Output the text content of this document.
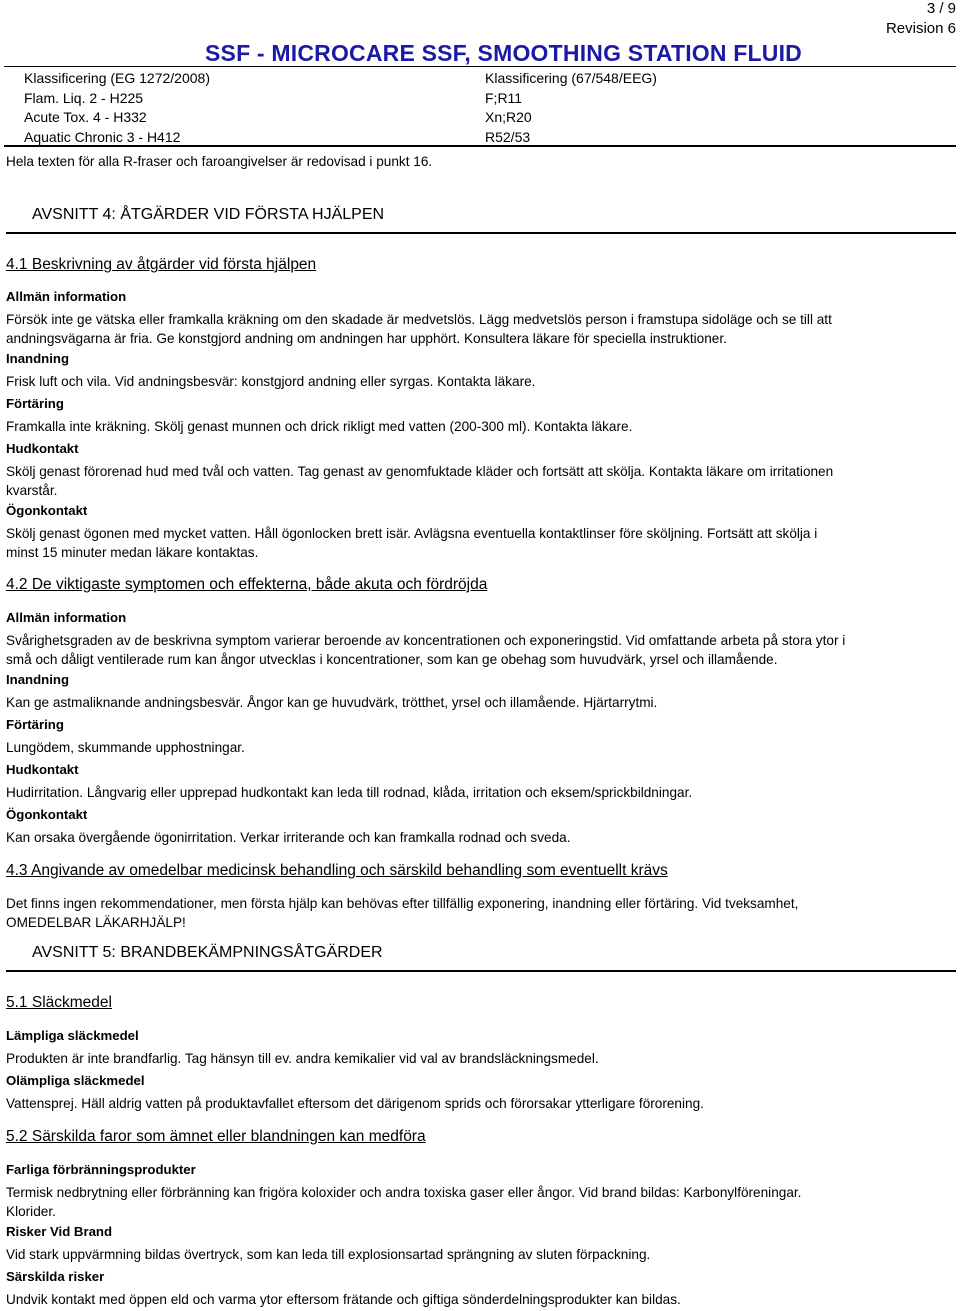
3 / 9
Revision 6
SSF - MICROCARE SSF, SMOOTHING STATION FLUID
Klassificering (EG 1272/2008)
Flam. Liq. 2 - H225
Acute Tox. 4 - H332
Aquatic Chronic 3 - H412
Klassificering (67/548/EEG)
F;R11
Xn;R20
R52/53
Hela texten för alla R-fraser och faroangivelser är redovisad i punkt 16.
AVSNITT 4: ÅTGÄRDER VID FÖRSTA HJÄLPEN
4.1 Beskrivning av åtgärder vid första hjälpen
Allmän information
Försök inte ge vätska eller framkalla kräkning om den skadade är medvetslös. Lägg medvetslös person i framstupa sidoläge och se till att
andningsvägarna är fria. Ge konstgjord andning om andningen har upphört. Konsultera läkare för speciella instruktioner.
Inandning
Frisk luft och vila. Vid andningsbesvär: konstgjord andning eller syrgas. Kontakta läkare.
Förtäring
Framkalla inte kräkning. Skölj genast munnen och drick rikligt med vatten (200-300 ml). Kontakta läkare.
Hudkontakt
Skölj genast förorenad hud med tvål och vatten. Tag genast av genomfuktade kläder och fortsätt att skölja. Kontakta läkare om irritationen
kvarstår.
Ögonkontakt
Skölj genast ögonen med mycket vatten. Håll ögonlocken brett isär. Avlägsna eventuella kontaktlinser före sköljning. Fortsätt att skölja i
minst 15 minuter medan läkare kontaktas.
4.2 De viktigaste symptomen och effekterna, både akuta och fördröjda
Allmän information
Svårighetsgraden av de beskrivna symptom varierar beroende av koncentrationen och exponeringstid. Vid omfattande arbeta på stora ytor i
små och dåligt ventilerade rum kan ångor utvecklas i koncentrationer, som kan ge obehag som huvudvärk, yrsel och illamående.
Inandning
Kan ge astmaliknande andningsbesvär. Ångor kan ge huvudvärk, trötthet, yrsel och illamående. Hjärtarrytmi.
Förtäring
Lungödem, skummande upphostningar.
Hudkontakt
Hudirritation. Långvarig eller upprepad hudkontakt kan leda till rodnad, klåda, irritation och eksem/sprickbildningar.
Ögonkontakt
Kan orsaka övergående ögonirritation. Verkar irriterande och kan framkalla rodnad och sveda.
4.3 Angivande av omedelbar medicinsk behandling och särskild behandling som eventuellt krävs
Det finns ingen rekommendationer, men första hjälp kan behövas efter tillfällig exponering, inandning eller förtäring. Vid tveksamhet,
OMEDELBAR LÄKARHJÄLP!
AVSNITT 5: BRANDBEKÄMPNINGSÅTGÄRDER
5.1 Släckmedel
Lämpliga släckmedel
Produkten är inte brandfarlig. Tag hänsyn till ev. andra kemikalier vid val av brandsläckningsmedel.
Olämpliga släckmedel
Vattensprej. Häll aldrig vatten på produktavfallet eftersom det därigenom sprids och förorsakar ytterligare förorening.
5.2 Särskilda faror som ämnet eller blandningen kan medföra
Farliga förbränningsprodukter
Termisk nedbrytning eller förbränning kan frigöra koloxider och andra toxiska gaser eller ångor. Vid brand bildas: Karbonylföreningar.
Klorider.
Risker Vid Brand
Vid stark uppvärmning bildas övertryck, som kan leda till explosionsartad sprängning av sluten förpackning.
Särskilda risker
Undvik kontakt med öppen eld och varma ytor eftersom frätande och giftiga sönderdelningsprodukter kan bildas.
